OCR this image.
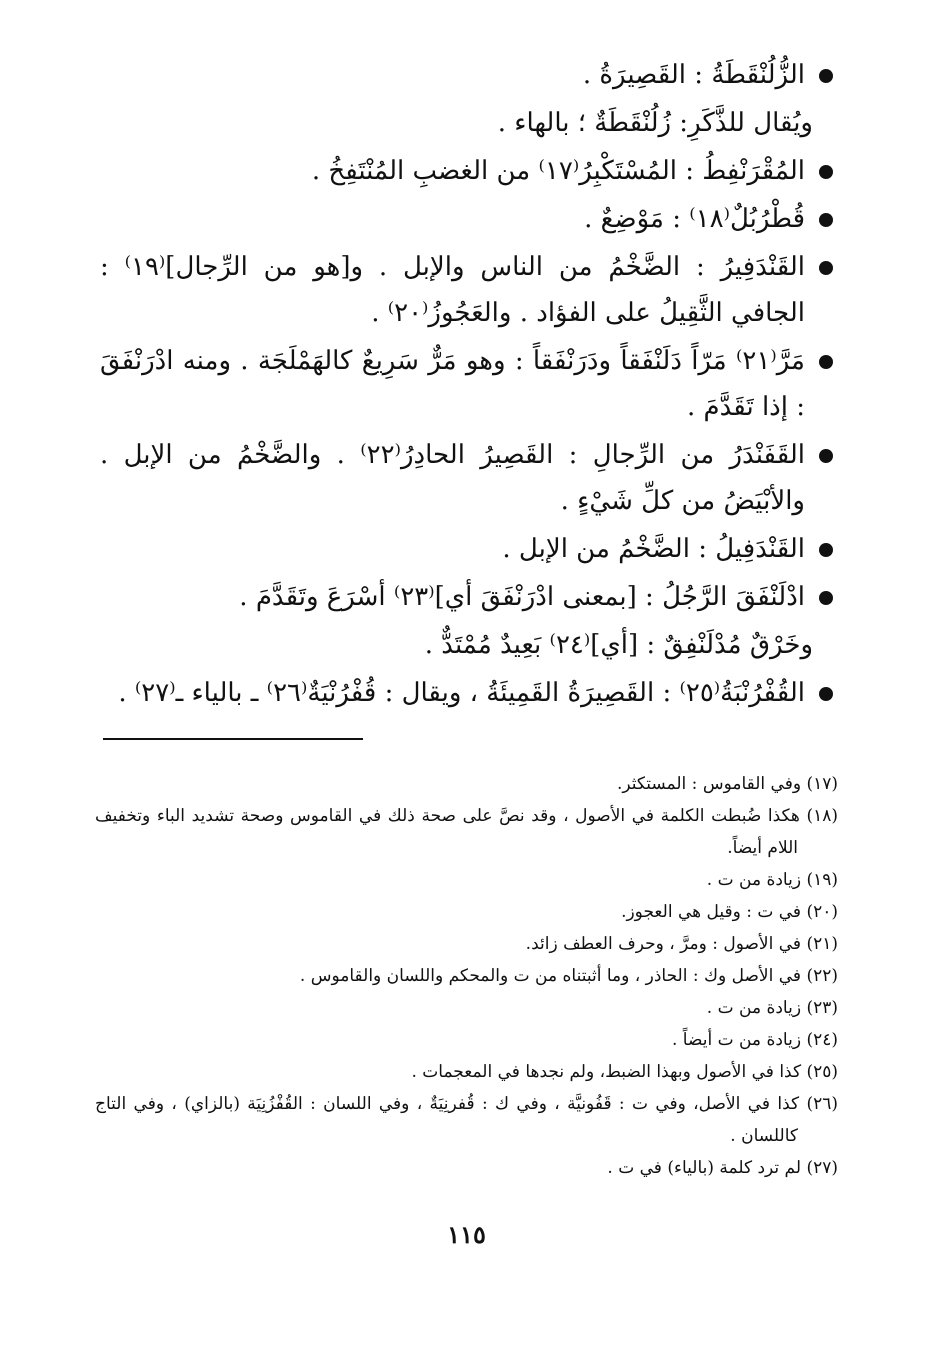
الزُّلُنْقَطَةُ : القَصِيرَةُ .

ويُقال للذَّكَرِ: زُلُنْقَطَةٌ ؛ بالهاء .

المُقْرَنْفِطُ : المُسْتَكْبِرُ⁽١٧⁾ من الغضبِ المُنْتَفِخُ .

قُطْرُبُلٌ⁽١٨⁾ : مَوْضِعٌ .

القَنْدَفِيرُ : الضَّخْمُ من الناس والإبل . و[هو من الرِّجال]⁽١٩⁾ : الجافي الثَّقِيلُ على الفؤاد . والعَجُوزُ⁽٢٠⁾ .

مَرَّ⁽٢١⁾ مَرّاً دَلَنْفَقاً ودَرَنْفَقاً : وهو مَرٌّ سَرِيعٌ كالهَمْلَجَة . ومنه ادْرَنْفَقَ : إذا تَقَدَّمَ .

القَفَنْدَرُ من الرِّجالِ : القَصِيرُ الحادِرُ⁽٢٢⁾ . والضَّخْمُ من الإبل . والأبْيَضُ من كلِّ شَيْءٍ .

القَنْدَفِيلُ : الضَّخْمُ من الإبل .

ادْلَنْفَقَ الرَّجُلُ : [بمعنى ادْرَنْفَقَ أي]⁽٢٣⁾ أسْرَعَ وتَقَدَّمَ .

وخَرْقٌ مُدْلَنْفِقٌ : [أي]⁽٢٤⁾ بَعِيدٌ مُمْتَدٌّ .

القُفْرُنْبَةُ⁽٢٥⁾ : القَصِيرَةُ القَمِيئَةُ ، ويقال : قُفْرُنْيَةٌ⁽٢٦⁾ ـ بالياء ـ⁽٢٧⁾ .

(١٧) وفي القاموس : المستكثر.
(١٨) هكذا ضُبطت الكلمة في الأصول ، وقد نصَّ على صحة ذلك في القاموس وصحة تشديد الباء وتخفيف اللام أيضاً.
(١٩) زيادة من ت .
(٢٠) في ت : وقيل هي العجوز.
(٢١) في الأصول : ومرَّ ، وحرف العطف زائد.
(٢٢) في الأصل وك : الحاذر ، وما أثبتناه من ت والمحكم واللسان والقاموس .
(٢٣) زيادة من ت .
(٢٤) زيادة من ت أيضاً .
(٢٥) كذا في الأصول وبهذا الضبط، ولم نجدها في المعجمات .
(٢٦) كذا في الأصل، وفي ت : قَفُونيَّة ، وفي ك : قُفرنِيَةٌ ، وفي اللسان : القُفْزُنِيَة (بالزاي) ، وفي التاج كاللسان .
(٢٧) لم ترد كلمة (بالياء) في ت .
١١٥
